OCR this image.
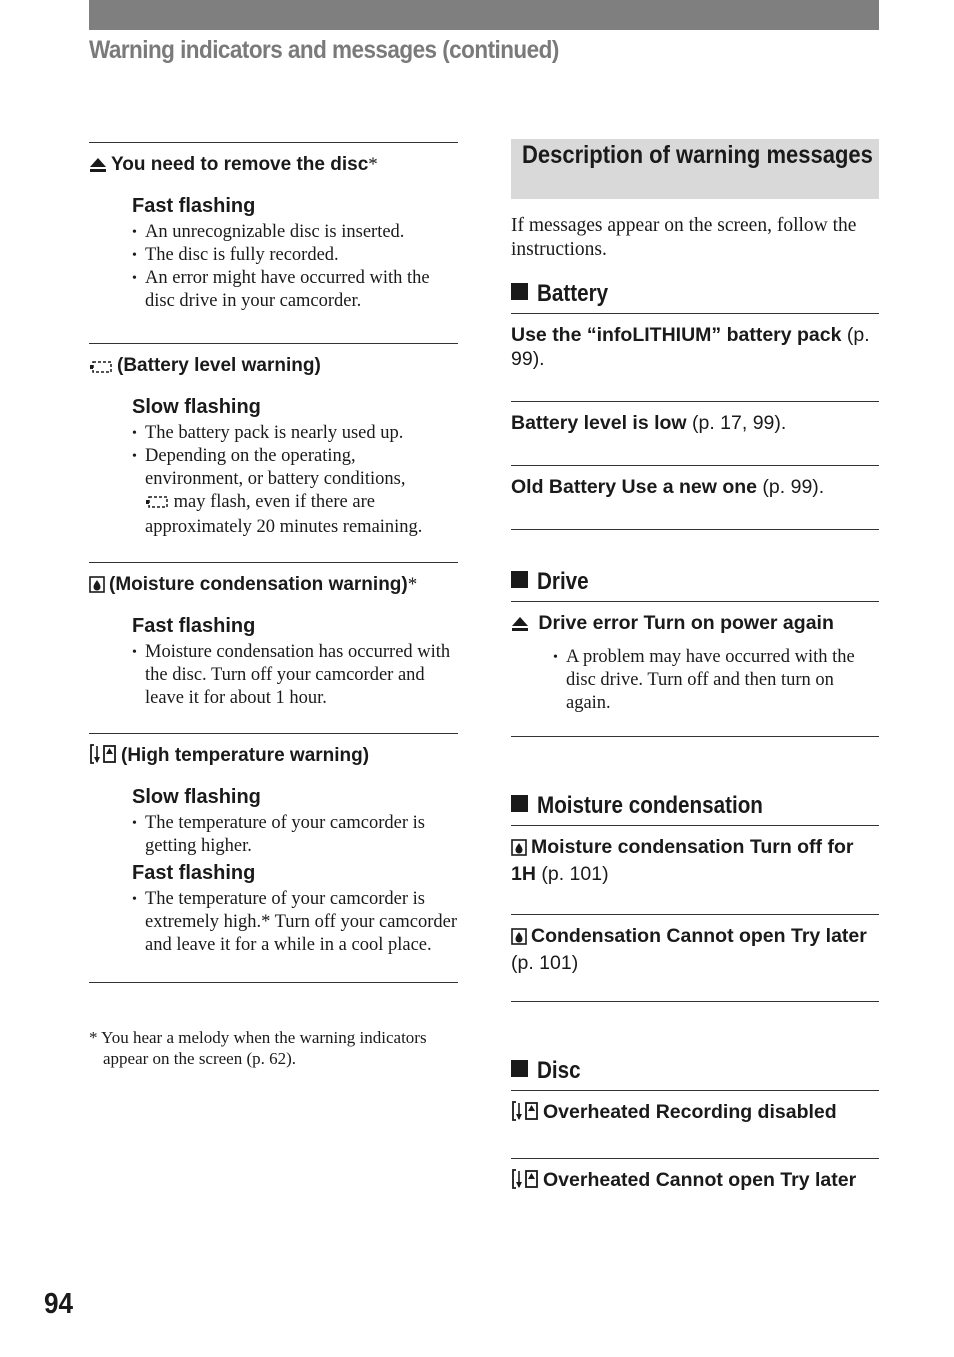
Warning indicators and messages (continued)
You need to remove the disc*
Fast flashing
• An unrecognizable disc is inserted.
• The disc is fully recorded.
• An error might have occurred with the disc drive in your camcorder.
(Battery level warning)
Slow flashing
• The battery pack is nearly used up.
• Depending on the operating, environment, or battery conditions,
may flash, even if there are approximately 20 minutes remaining.
(Moisture condensation warning)*
Fast flashing
• Moisture condensation has occurred with the disc. Turn off your camcorder and leave it for about 1 hour.
(High temperature warning)
Slow flashing
• The temperature of your camcorder is getting higher.
Fast flashing
• The temperature of your camcorder is extremely high.* Turn off your camcorder and leave it for a while in a cool place.
* You hear a melody when the warning indicators appear on the screen (p. 62).
Description of warning messages
If messages appear on the screen, follow the instructions.
Battery
Use the “infoLITHIUM” battery pack (p. 99).
Battery level is low (p. 17, 99).
Old Battery Use a new one (p. 99).
Drive
Drive error Turn on power again
• A problem may have occurred with the disc drive. Turn off and then turn on again.
Moisture condensation
Moisture condensation Turn off for 1H (p. 101)
Condensation Cannot open Try later (p. 101)
Disc
Overheated Recording disabled
Overheated Cannot open Try later
94
